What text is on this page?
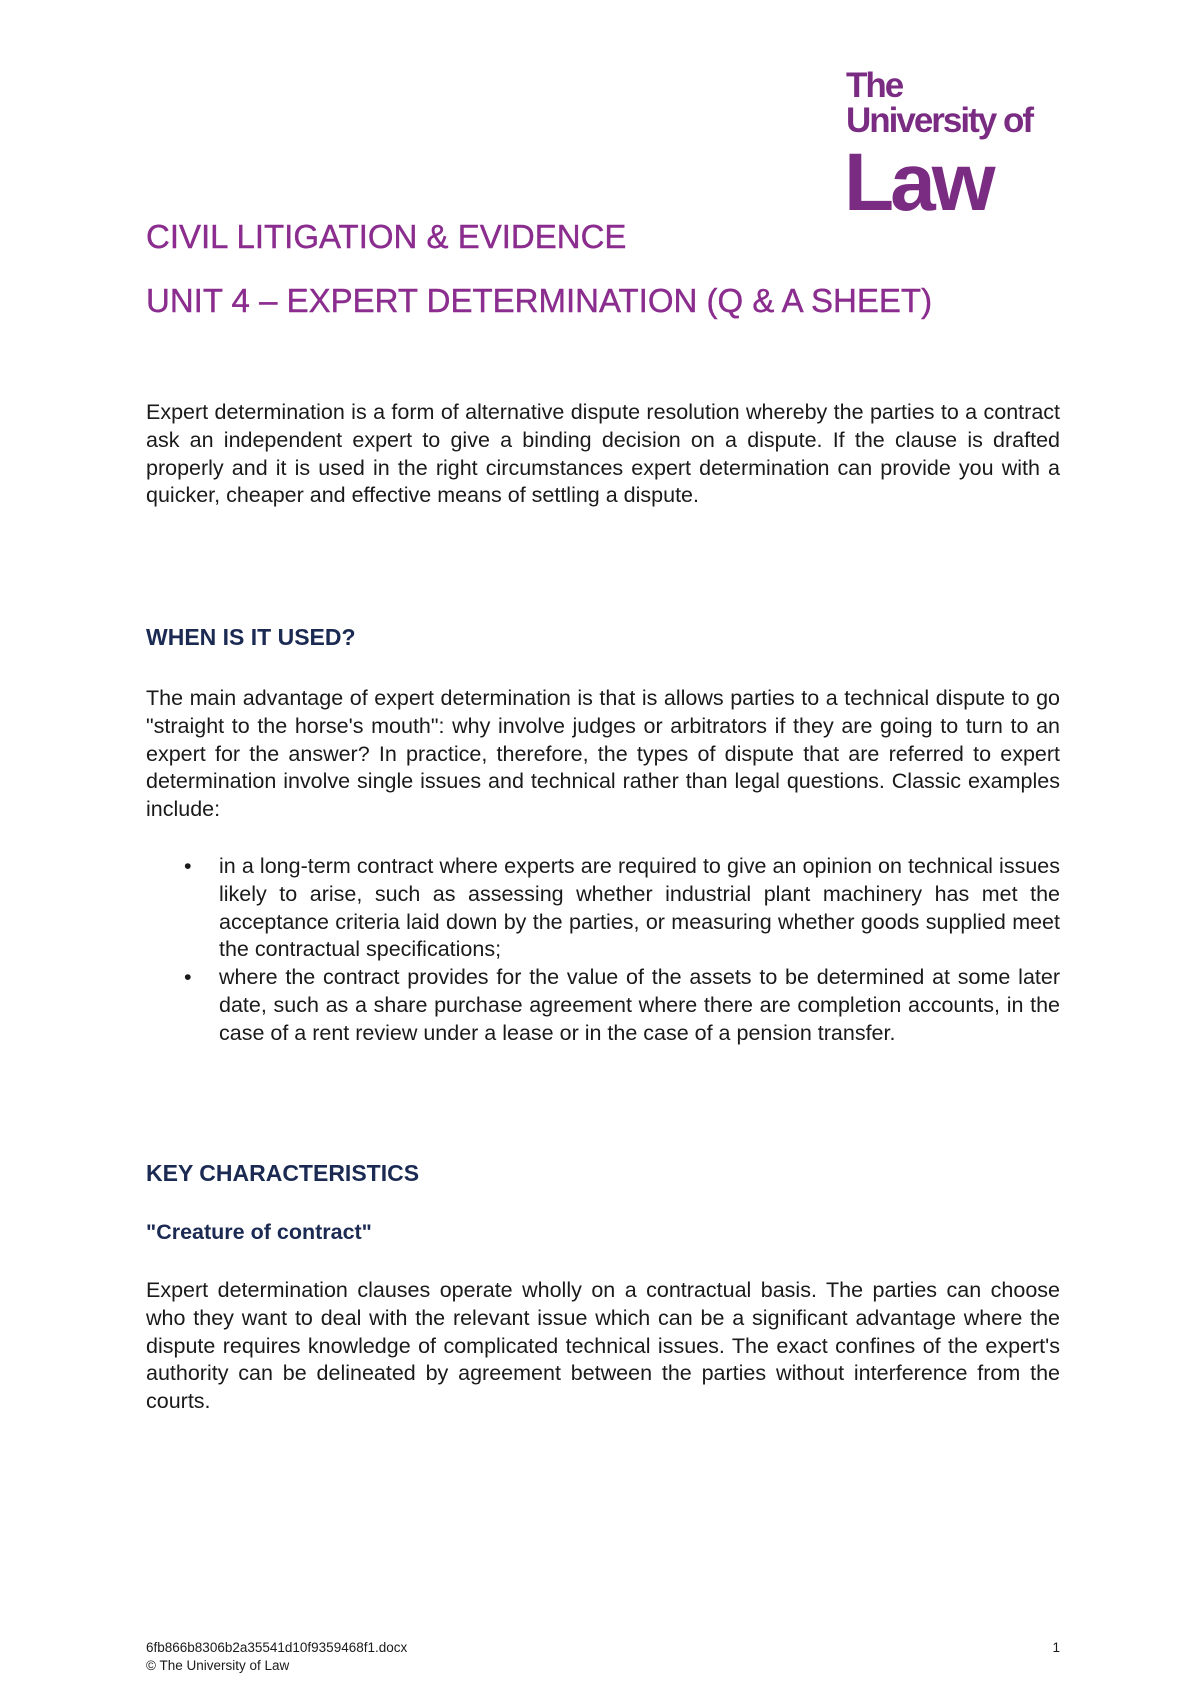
The
University of
Law
CIVIL LITIGATION & EVIDENCE
UNIT 4 – EXPERT DETERMINATION (Q & A SHEET)

Expert determination is a form of alternative dispute resolution whereby the parties to a contract ask an independent expert to give a binding decision on a dispute. If the clause is drafted properly and it is used in the right circumstances expert determination can provide you with a quicker, cheaper and effective means of settling a dispute.

WHEN IS IT USED?

The main advantage of expert determination is that is allows parties to a technical dispute to go "straight to the horse's mouth": why involve judges or arbitrators if they are going to turn to an expert for the answer? In practice, therefore, the types of dispute that are referred to expert determination involve single issues and technical rather than legal questions. Classic examples include:

• in a long-term contract where experts are required to give an opinion on technical issues likely to arise, such as assessing whether industrial plant machinery has met the acceptance criteria laid down by the parties, or measuring whether goods supplied meet the contractual specifications;
• where the contract provides for the value of the assets to be determined at some later date, such as a share purchase agreement where there are completion accounts, in the case of a rent review under a lease or in the case of a pension transfer.
KEY CHARACTERISTICS
"Creature of contract"

Expert determination clauses operate wholly on a contractual basis. The parties can choose who they want to deal with the relevant issue which can be a significant advantage where the dispute requires knowledge of complicated technical issues. The exact confines of the expert's authority can be delineated by agreement between the parties without interference from the courts.

6fb866b8306b2a35541d10f9359468f1.docx	1
© The University of Law
